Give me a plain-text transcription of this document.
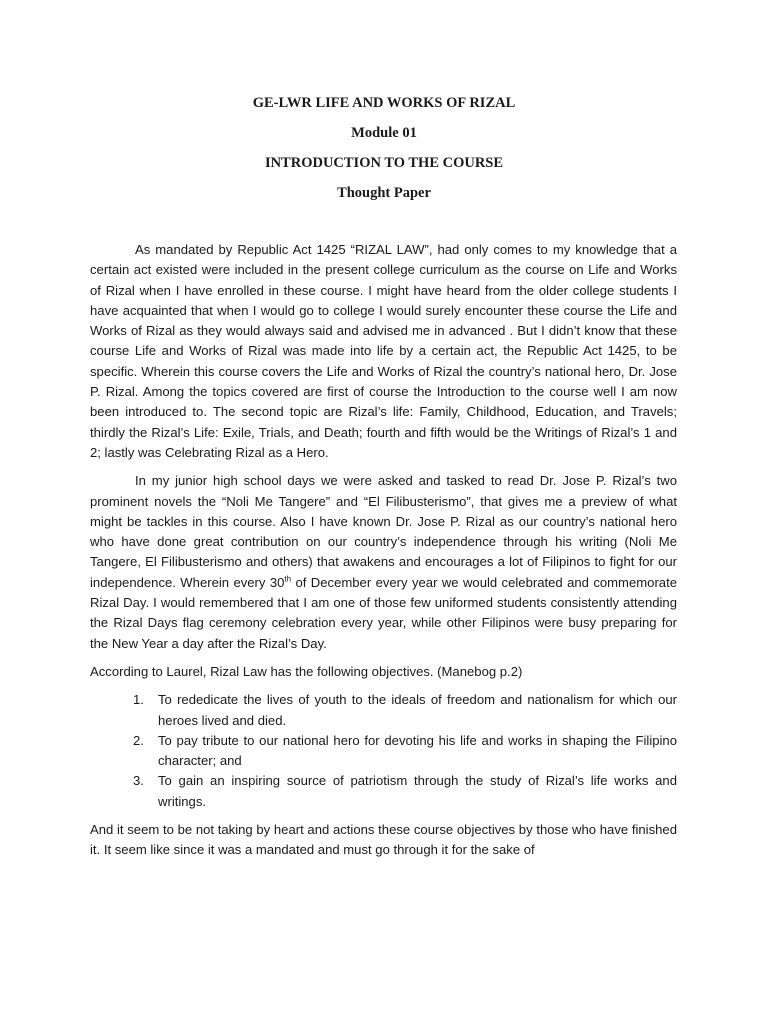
GE-LWR LIFE AND WORKS OF RIZAL
Module 01
INTRODUCTION TO THE COURSE
Thought Paper

As mandated by Republic Act 1425 “RIZAL LAW”, had only comes to my knowledge that a certain act existed were included in the present college curriculum as the course on Life and Works of Rizal when I have enrolled in these course. I might have heard from the older college students I have acquainted that when I would go to college I would surely encounter these course the Life and Works of Rizal as they would always said and advised me in advanced . But I didn’t know that these course Life and Works of Rizal was made into life by a certain act, the Republic Act 1425, to be specific. Wherein this course covers the Life and Works of Rizal the country’s national hero, Dr. Jose P. Rizal. Among the topics covered are first of course the Introduction to the course well I am now been introduced to. The second topic are Rizal’s life: Family, Childhood, Education, and Travels; thirdly the Rizal’s Life: Exile, Trials, and Death; fourth and fifth would be the Writings of Rizal’s 1 and 2; lastly was Celebrating Rizal as a Hero.

In my junior high school days we were asked and tasked to read Dr. Jose P. Rizal’s two prominent novels the “Noli Me Tangere” and “El Filibusterismo”, that gives me a preview of what might be tackles in this course. Also I have known Dr. Jose P. Rizal as our country’s national hero who have done great contribution on our country’s independence through his writing (Noli Me Tangere, El Filibusterismo and others) that awakens and encourages a lot of Filipinos to fight for our independence. Wherein every 30th of December every year we would celebrated and commemorate Rizal Day. I would remembered that I am one of those few uniformed students consistently attending the Rizal Days flag ceremony celebration every year, while other Filipinos were busy preparing for the New Year a day after the Rizal’s Day.

According to Laurel, Rizal Law has the following objectives. (Manebog p.2)

1.	To rededicate the lives of youth to the ideals of freedom and nationalism for which our heroes lived and died.
2.	To pay tribute to our national hero for devoting his life and works in shaping the Filipino character; and
3.	To gain an inspiring source of patriotism through the study of Rizal’s life works and writings.

And it seem to be not taking by heart and actions these course objectives by those who have finished it. It seem like since it was a mandated and must go through it for the sake of
